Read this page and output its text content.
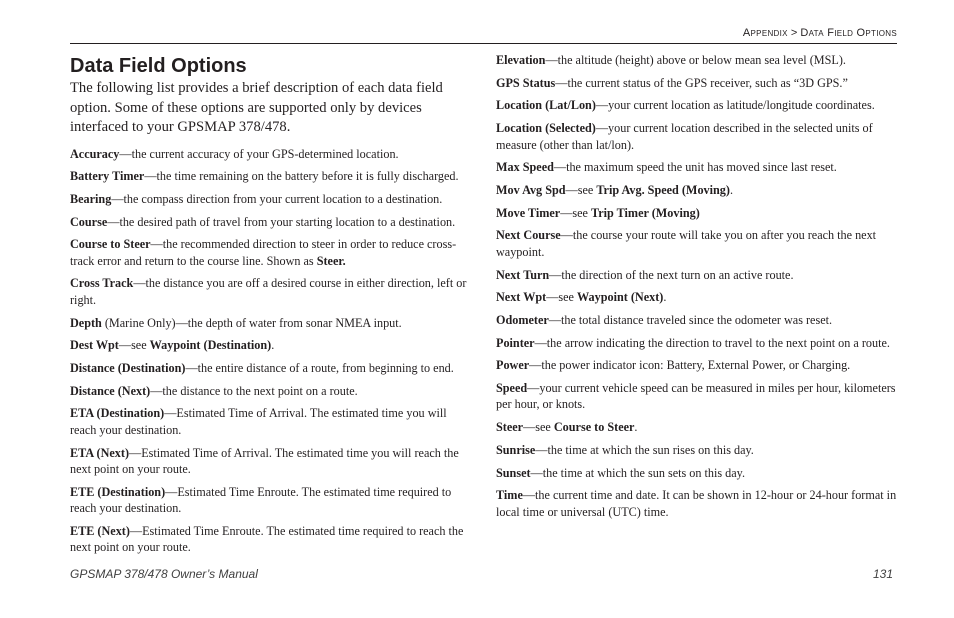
Appendix > Data Field Options
Data Field Options

The following list provides a brief description of each data field option. Some of these options are supported only by devices interfaced to your GPSMAP 378/478.

Accuracy—the current accuracy of your GPS-determined location.
Battery Timer—the time remaining on the battery before it is fully discharged.
Bearing—the compass direction from your current location to a destination.
Course—the desired path of travel from your starting location to a destination.
Course to Steer—the recommended direction to steer in order to reduce cross-track error and return to the course line. Shown as Steer.
Cross Track—the distance you are off a desired course in either direction, left or right.
Depth (Marine Only)—the depth of water from sonar NMEA input.
Dest Wpt—see Waypoint (Destination).
Distance (Destination)—the entire distance of a route, from beginning to end.
Distance (Next)—the distance to the next point on a route.
ETA (Destination)—Estimated Time of Arrival. The estimated time you will reach your destination.
ETA (Next)—Estimated Time of Arrival. The estimated time you will reach the next point on your route.
ETE (Destination)—Estimated Time Enroute. The estimated time required to reach your destination.
ETE (Next)—Estimated Time Enroute. The estimated time required to reach the next point on your route.
Elevation—the altitude (height) above or below mean sea level (MSL).
GPS Status—the current status of the GPS receiver, such as “3D GPS.”
Location (Lat/Lon)—your current location as latitude/longitude coordinates.
Location (Selected)—your current location described in the selected units of measure (other than lat/lon).
Max Speed—the maximum speed the unit has moved since last reset.
Mov Avg Spd—see Trip Avg. Speed (Moving).
Move Timer—see Trip Timer (Moving)
Next Course—the course your route will take you on after you reach the next waypoint.
Next Turn—the direction of the next turn on an active route.
Next Wpt—see Waypoint (Next).
Odometer—the total distance traveled since the odometer was reset.
Pointer—the arrow indicating the direction to travel to the next point on a route.
Power—the power indicator icon: Battery, External Power, or Charging.
Speed—your current vehicle speed can be measured in miles per hour, kilometers per hour, or knots.
Steer—see Course to Steer.
Sunrise—the time at which the sun rises on this day.
Sunset—the time at which the sun sets on this day.
Time—the current time and date. It can be shown in 12-hour or 24-hour format in local time or universal (UTC) time.
GPSMAP 378/478 Owner’s Manual	131
